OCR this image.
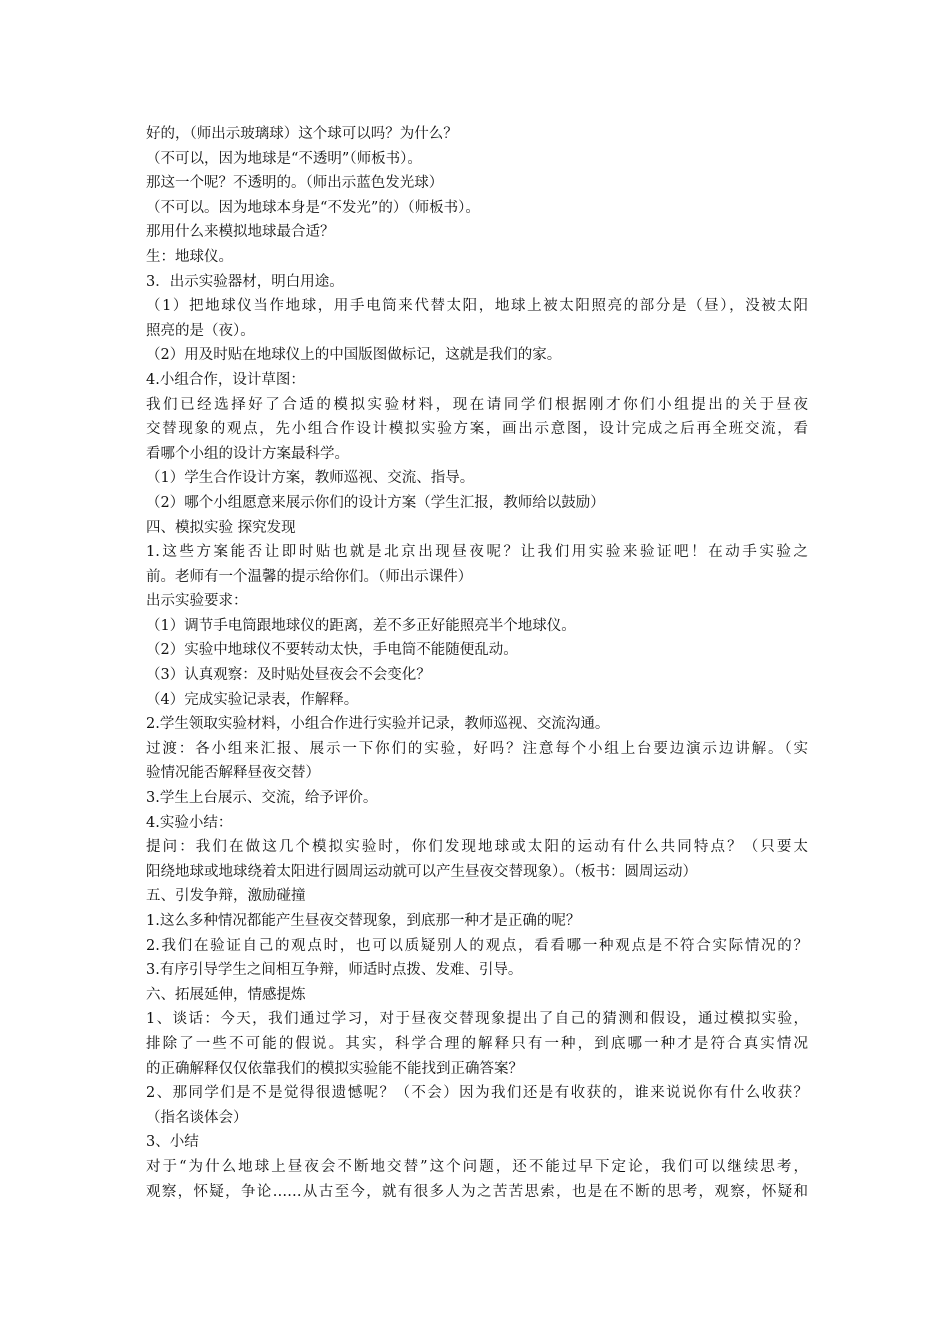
好的，（师出示玻璃球）这个球可以吗？为什么？
（不可以，因为地球是“不透明”（师板书）。
那这一个呢？不透明的。（师出示蓝色发光球）
（不可以。因为地球本身是“不发光”的）（师板书）。
那用什么来模拟地球最合适？
生：地球仪。
3．出示实验器材，明白用途。
（1）把地球仪当作地球，用手电筒来代替太阳，地球上被太阳照亮的部分是（昼），没被太阳
照亮的是（夜）。
（2）用及时贴在地球仪上的中国版图做标记，这就是我们的家。
4.小组合作，设计草图：
我们已经选择好了合适的模拟实验材料，现在请同学们根据刚才你们小组提出的关于昼夜
交替现象的观点，先小组合作设计模拟实验方案，画出示意图，设计完成之后再全班交流，看
看哪个小组的设计方案最科学。
（1）学生合作设计方案，教师巡视、交流、指导。
（2）哪个小组愿意来展示你们的设计方案（学生汇报，教师给以鼓励）
四、模拟实验 探究发现
1.这些方案能否让即时贴也就是北京出现昼夜呢？让我们用实验来验证吧！在动手实验之
前。老师有一个温馨的提示给你们。（师出示课件）
出示实验要求：
（1）调节手电筒跟地球仪的距离，差不多正好能照亮半个地球仪。
（2）实验中地球仪不要转动太快，手电筒不能随便乱动。
（3）认真观察：及时贴处昼夜会不会变化？
（4）完成实验记录表，作解释。
2.学生领取实验材料，小组合作进行实验并记录，教师巡视、交流沟通。
过渡：各小组来汇报、展示一下你们的实验，好吗？注意每个小组上台要边演示边讲解。（实
验情况能否解释昼夜交替）
3.学生上台展示、交流，给予评价。
4.实验小结：
提问：我们在做这几个模拟实验时，你们发现地球或太阳的运动有什么共同特点？（只要太
阳绕地球或地球绕着太阳进行圆周运动就可以产生昼夜交替现象）。（板书：圆周运动）
五、引发争辩，激励碰撞
1.这么多种情况都能产生昼夜交替现象，到底那一种才是正确的呢？
2.我们在验证自己的观点时，也可以质疑别人的观点，看看哪一种观点是不符合实际情况的？
3.有序引导学生之间相互争辩，师适时点拨、发难、引导。
六、拓展延伸，情感提炼
1、谈话：今天，我们通过学习，对于昼夜交替现象提出了自己的猜测和假设，通过模拟实验，
排除了一些不可能的假说。其实，科学合理的解释只有一种，到底哪一种才是符合真实情况
的正确解释仅仅依靠我们的模拟实验能不能找到正确答案？
2、那同学们是不是觉得很遗憾呢？（不会）因为我们还是有收获的，谁来说说你有什么收获？
（指名谈体会）
3、小结
对于“为什么地球上昼夜会不断地交替”这个问题，还不能过早下定论，我们可以继续思考，
观察，怀疑，争论……从古至今，就有很多人为之苦苦思索，也是在不断的思考，观察，怀疑和
